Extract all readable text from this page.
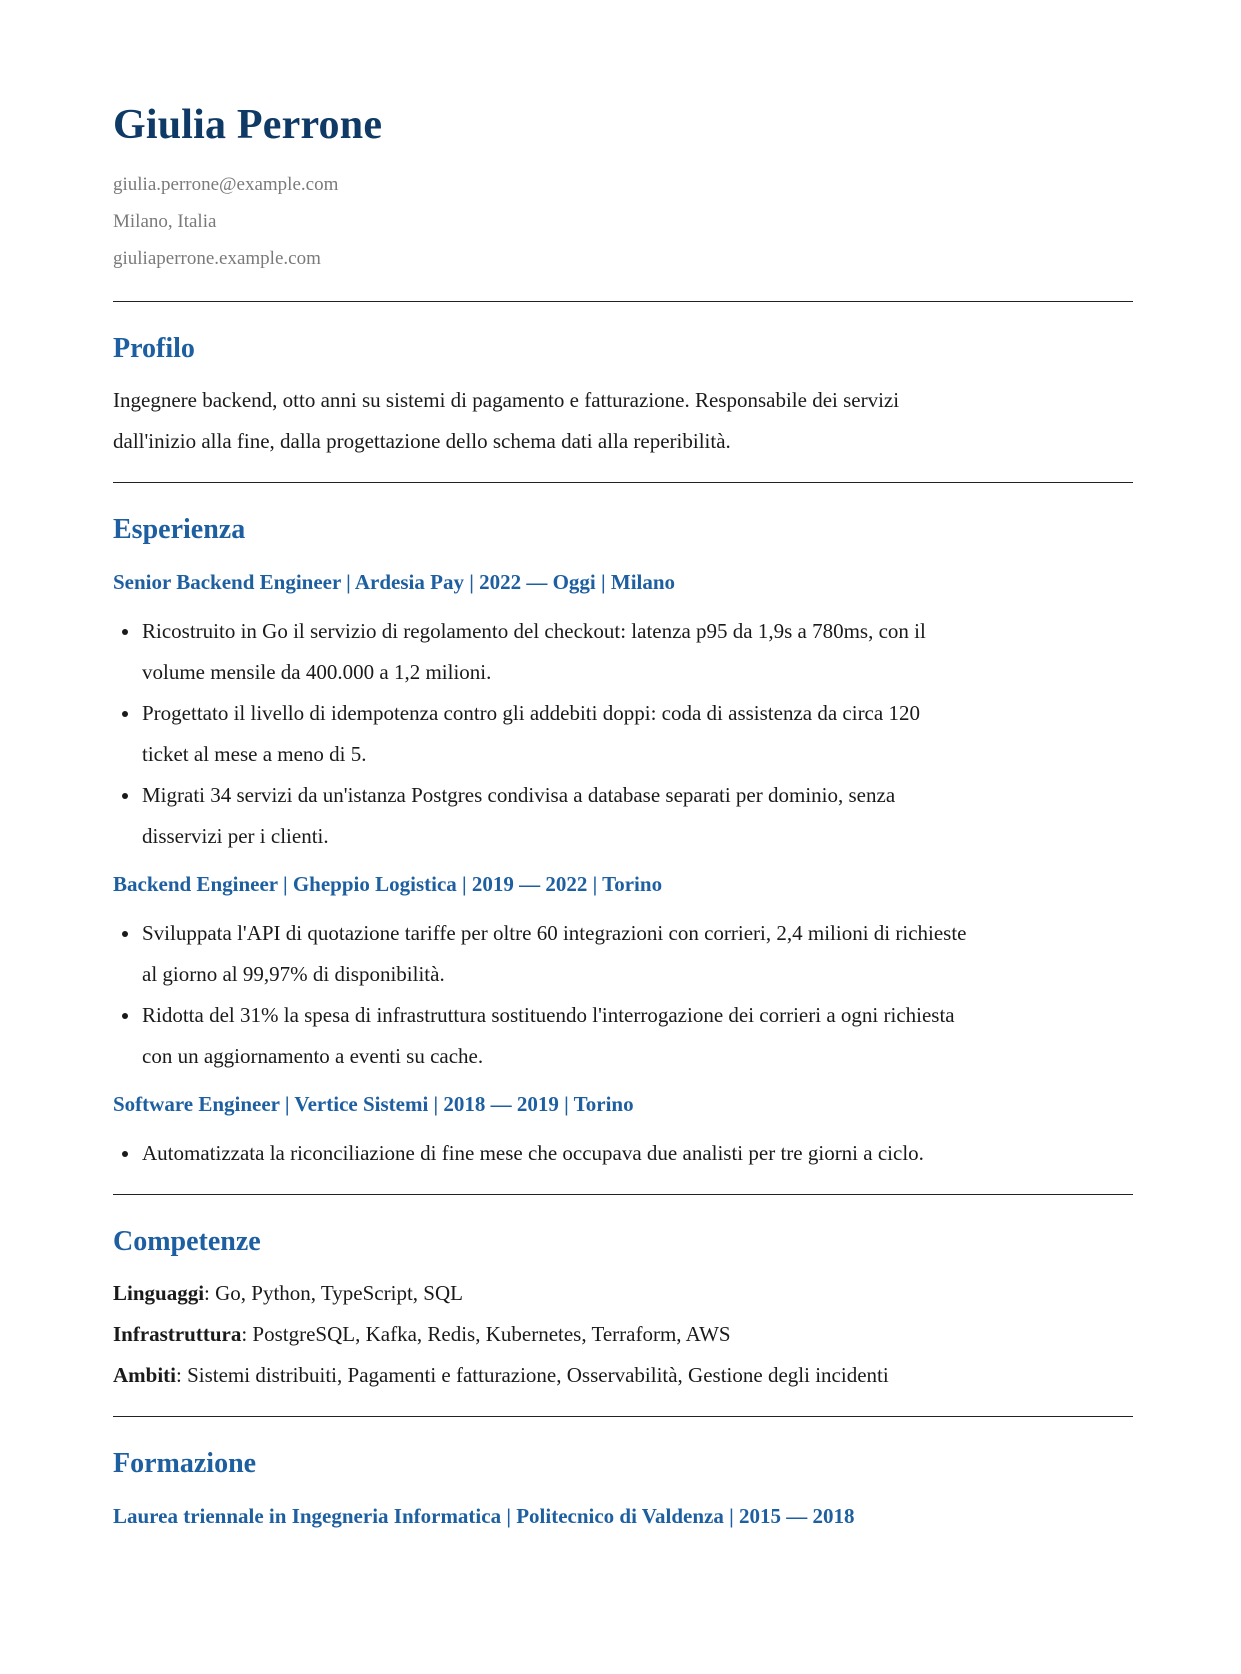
Giulia Perrone
giulia.perrone@example.com
Milano, Italia
giuliaperrone.example.com
Profilo
Ingegnere backend, otto anni su sistemi di pagamento e fatturazione. Responsabile dei servizi
dall'inizio alla fine, dalla progettazione dello schema dati alla reperibilità.
Esperienza
Senior Backend Engineer | Ardesia Pay | 2022 — Oggi | Milano
Ricostruito in Go il servizio di regolamento del checkout: latenza p95 da 1,9s a 780ms, con il
volume mensile da 400.000 a 1,2 milioni.
Progettato il livello di idempotenza contro gli addebiti doppi: coda di assistenza da circa 120
ticket al mese a meno di 5.
Migrati 34 servizi da un'istanza Postgres condivisa a database separati per dominio, senza
disservizi per i clienti.
Backend Engineer | Gheppio Logistica | 2019 — 2022 | Torino
Sviluppata l'API di quotazione tariffe per oltre 60 integrazioni con corrieri, 2,4 milioni di richieste
al giorno al 99,97% di disponibilità.
Ridotta del 31% la spesa di infrastruttura sostituendo l'interrogazione dei corrieri a ogni richiesta
con un aggiornamento a eventi su cache.
Software Engineer | Vertice Sistemi | 2018 — 2019 | Torino
Automatizzata la riconciliazione di fine mese che occupava due analisti per tre giorni a ciclo.
Competenze
Linguaggi: Go, Python, TypeScript, SQL
Infrastruttura: PostgreSQL, Kafka, Redis, Kubernetes, Terraform, AWS
Ambiti: Sistemi distribuiti, Pagamenti e fatturazione, Osservabilità, Gestione degli incidenti
Formazione
Laurea triennale in Ingegneria Informatica | Politecnico di Valdenza | 2015 — 2018
